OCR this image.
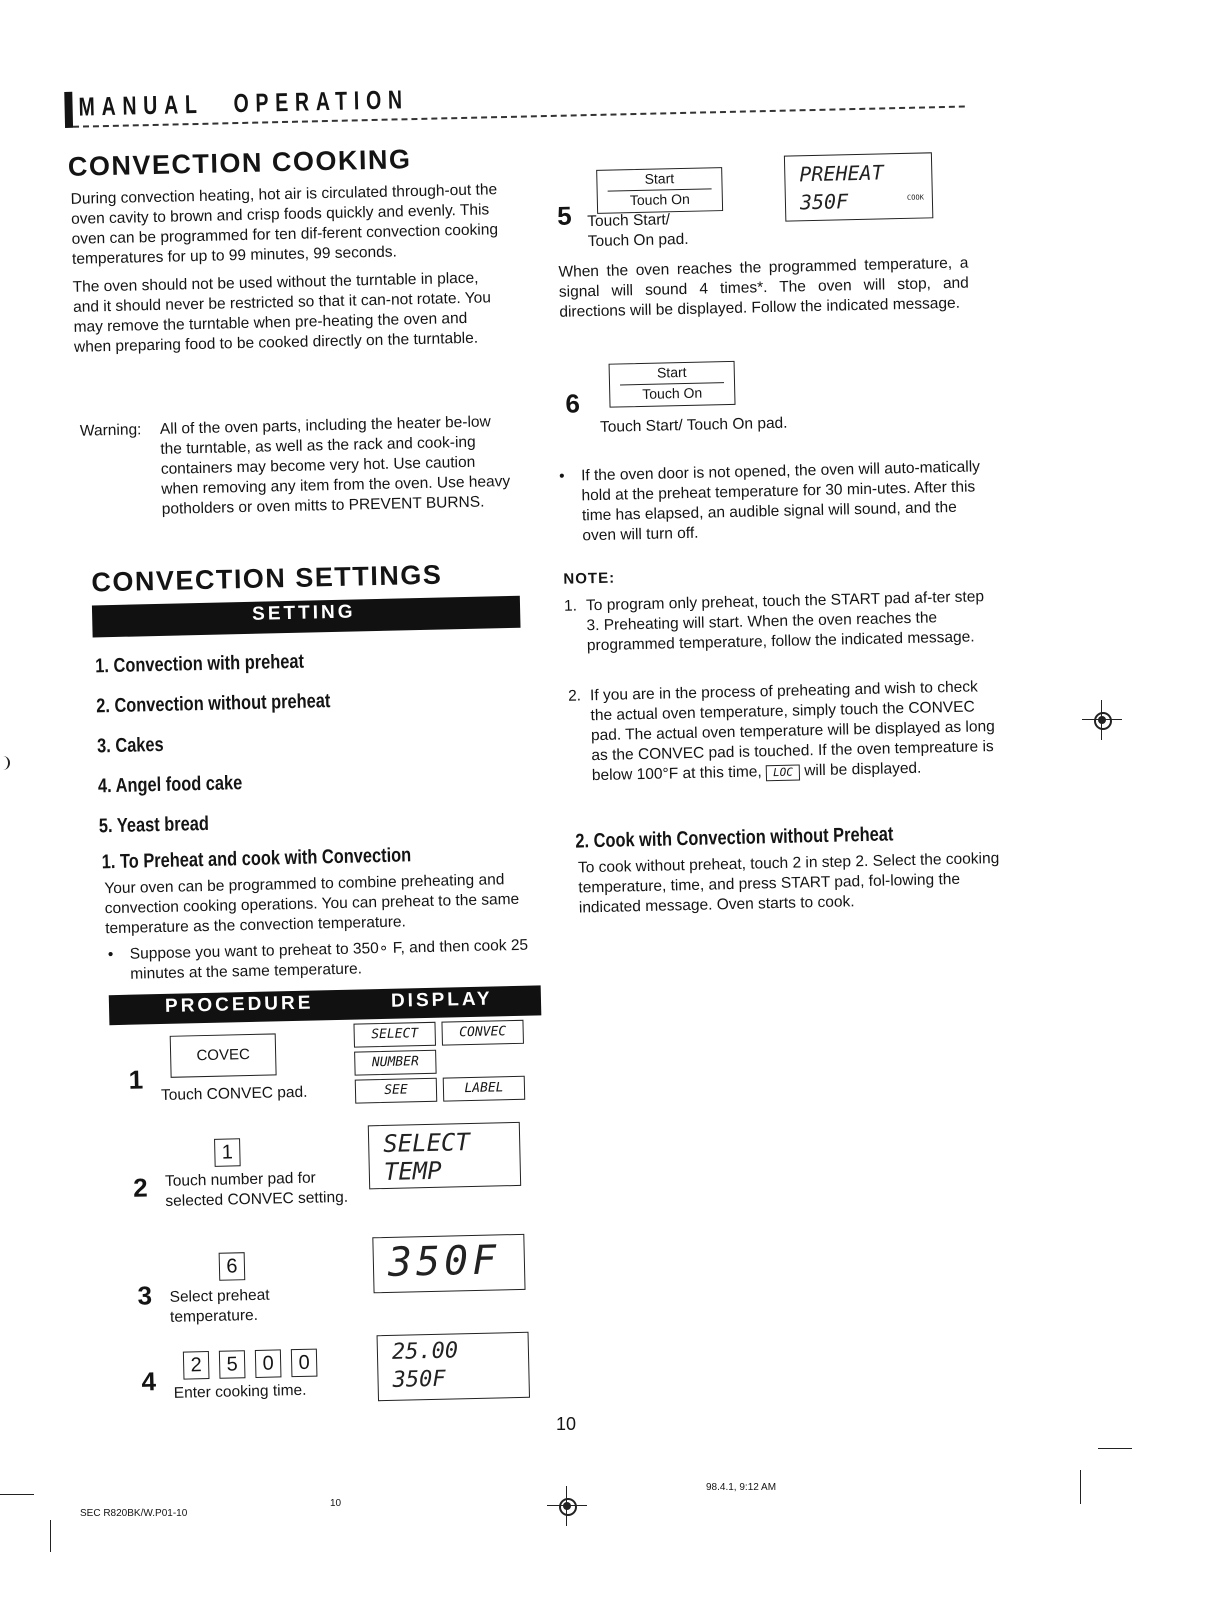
MANUAL OPERATION
CONVECTION COOKING

During convection heating, hot air is circulated through-out the oven cavity to brown and crisp foods quickly and evenly. This oven can be programmed for ten dif-ferent convection cooking temperatures for up to 99 minutes, 99 seconds.

The oven should not be used without the turntable in place, and it should never be restricted so that it can-not rotate. You may remove the turntable when pre-heating the oven and when preparing food to be cooked directly on the turntable.

Warning: All of the oven parts, including the heater be-low the turntable, as well as the rack and cook-ing containers may become very hot. Use caution when removing any item from the oven. Use heavy potholders or oven mitts to PREVENT BURNS.
CONVECTION SETTINGS
SETTING
1. Convection with preheat
2. Convection without preheat
3. Cakes
4. Angel food cake
5. Yeast bread
1. To Preheat and cook with Convection
Your oven can be programmed to combine preheating and convection cooking operations. You can preheat to the same temperature as the convection temperature.
• Suppose you want to preheat to 350∘ F, and then cook 25 minutes at the same temperature.
PROCEDURE	DISPLAY
1
COVEC
Touch CONVEC pad.
SELECT	CONVEC
NUMBER
SEE	LABEL
1
2 Touch number pad for selected CONVEC setting.
SELECT
TEMP
6
3 Select preheat temperature.
350F
2	5	0	0
4 Enter cooking time.
25.00
350F
Start
Touch On
5 Touch Start/
Touch On pad.
PREHEAT
350F	COOK
When the oven reaches the programmed temperature, a signal will sound 4 times*. The oven will stop, and directions will be displayed. Follow the indicated message.
Start
Touch On
6
Touch Start/ Touch On pad.
• If the oven door is not opened, the oven will auto-matically hold at the preheat temperature for 30 min-utes. After this time has elapsed, an audible signal will sound, and the oven will turn off.
NOTE:
1. To program only preheat, touch the START pad af-ter step 3. Preheating will start. When the oven reaches the programmed temperature, follow the indicated message.
2. If you are in the process of preheating and wish to check the actual oven temperature, simply touch the CONVEC pad. The actual oven temperature will be displayed as long as the CONVEC pad is touched. If the oven tempreature is below 100°F at this time, LOC will be displayed.
2. Cook with Convection without Preheat
To cook without preheat, touch 2 in step 2. Select the cooking temperature, time, and press START pad, fol-lowing the indicated message. Oven starts to cook.
10
SEC R820BK/W.P01-10
10
98.4.1, 9:12 AM
